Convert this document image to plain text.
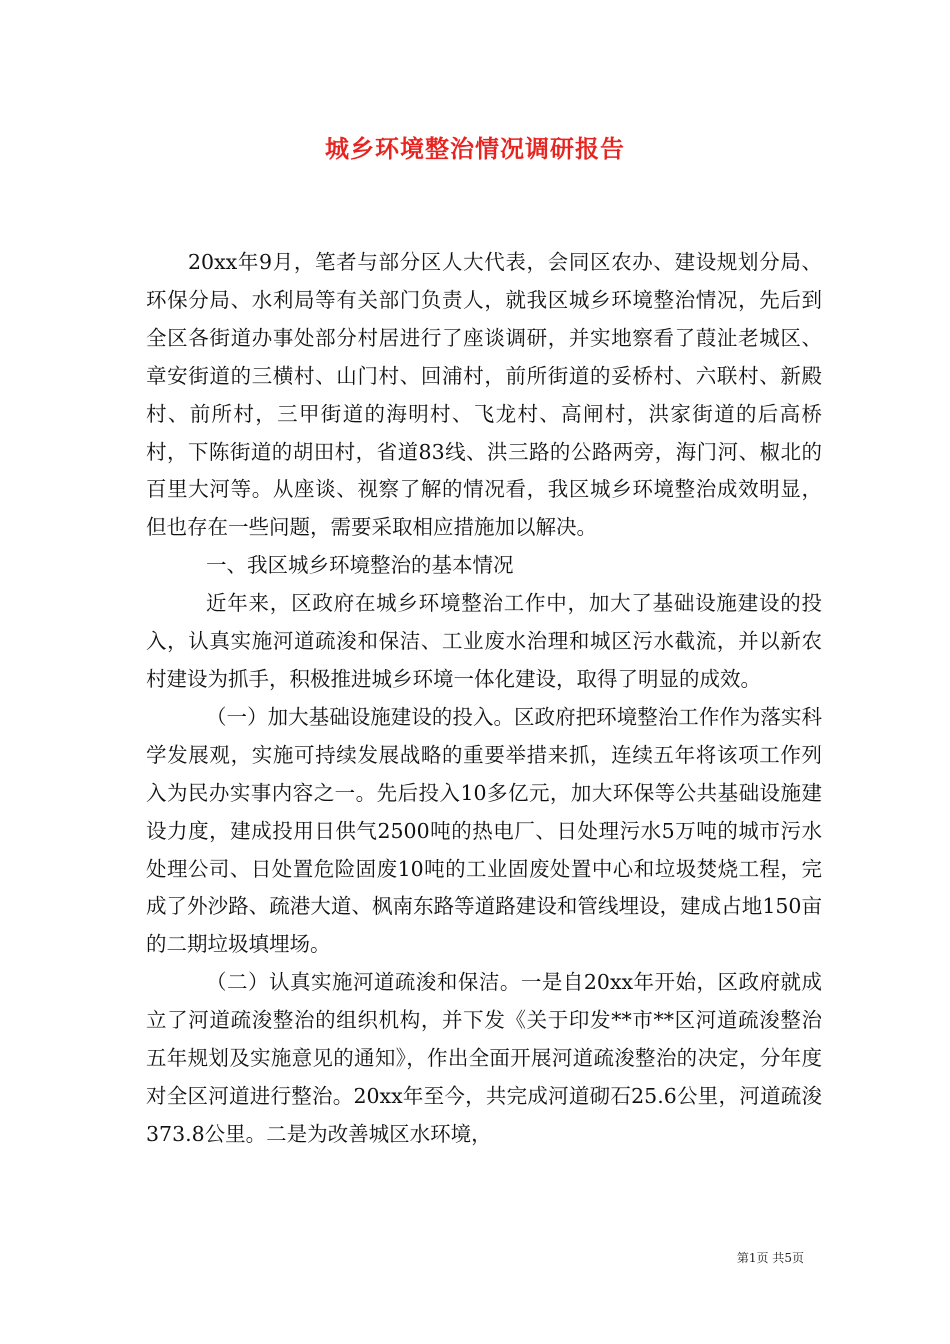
城乡环境整治情况调研报告

20xx年9月，笔者与部分区人大代表，会同区农办、建设规划分局、环保分局、水利局等有关部门负责人，就我区城乡环境整治情况，先后到全区各街道办事处部分村居进行了座谈调研，并实地察看了葭沚老城区、章安街道的三横村、山门村、回浦村，前所街道的妥桥村、六联村、新殿村、前所村，三甲街道的海明村、飞龙村、高闸村，洪家街道的后高桥村，下陈街道的胡田村，省道83线、洪三路的公路两旁，海门河、椒北的百里大河等。从座谈、视察了解的情况看，我区城乡环境整治成效明显，但也存在一些问题，需要采取相应措施加以解决。

一、我区城乡环境整治的基本情况

近年来，区政府在城乡环境整治工作中，加大了基础设施建设的投入，认真实施河道疏浚和保洁、工业废水治理和城区污水截流，并以新农村建设为抓手，积极推进城乡环境一体化建设，取得了明显的成效。

（一）加大基础设施建设的投入。区政府把环境整治工作作为落实科学发展观，实施可持续发展战略的重要举措来抓，连续五年将该项工作列入为民办实事内容之一。先后投入10多亿元，加大环保等公共基础设施建设力度，建成投用日供气2500吨的热电厂、日处理污水5万吨的城市污水处理公司、日处置危险固废10吨的工业固废处置中心和垃圾焚烧工程，完成了外沙路、疏港大道、枫南东路等道路建设和管线埋设，建成占地150亩的二期垃圾填埋场。

（二）认真实施河道疏浚和保洁。一是自20xx年开始，区政府就成立了河道疏浚整治的组织机构，并下发《关于印发**市**区河道疏浚整治五年规划及实施意见的通知》，作出全面开展河道疏浚整治的决定，分年度对全区河道进行整治。20xx年至今，共完成河道砌石25.6公里，河道疏浚373.8公里。二是为改善城区水环境，

第1页 共5页
